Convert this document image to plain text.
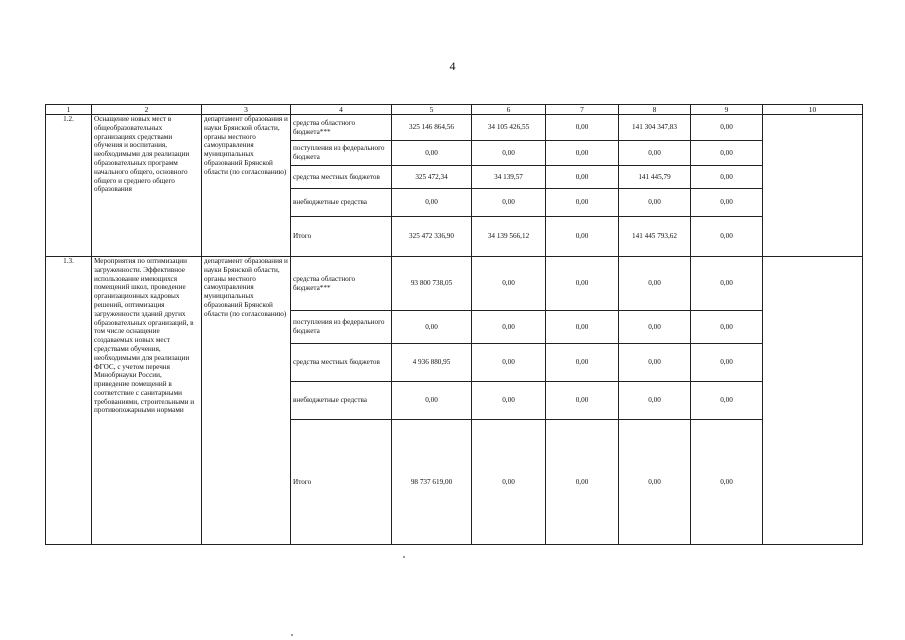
4
1	2	3	4	5	6	7	8	9	10
1.2.	Оснащение новых мест в общеобразовательных организациях средствами обучения и воспитания, необходимыми для реализации образовательных программ начального общего, основного общего и среднего общего образования	департамент образования и науки Брянской области, органы местного самоуправления муниципальных образований Брянской области (по согласованию)	средства областного бюджета***	325 146 864,56	34 105 426,55	0,00	141 304 347,83	0,00	
			поступления из федерального бюджета	0,00	0,00	0,00	0,00	0,00	
			средства местных бюджетов	325 472,34	34 139,57	0,00	141 445,79	0,00	
			внебюджетные средства	0,00	0,00	0,00	0,00	0,00	
			Итого	325 472 336,90	34 139 566,12	0,00	141 445 793,62	0,00	
1.3.	Мероприятия по оптимизации загруженности. Эффективное использование имеющихся помещений школ, проведение организационных кадровых решений, оптимизация загруженности зданий других образовательных организаций, в том числе оснащение создаваемых новых мест средствами обучения, необходимыми для реализации ФГОС, с учетом перечня Минобрнауки России, приведение помещений в соответствие с санитарными требованиями, строительными и противопожарными нормами	департамент образования и науки Брянской области, органы местного самоуправления муниципальных образований Брянской области (по согласованию)	средства областного бюджета***	93 800 738,05	0,00	0,00	0,00	0,00	
			поступления из федерального бюджета	0,00	0,00	0,00	0,00	0,00	
			средства местных бюджетов	4 936 880,95	0,00	0,00	0,00	0,00	
			внебюджетные средства	0,00	0,00	0,00	0,00	0,00	
			Итого	98 737 619,00	0,00	0,00	0,00	0,00	
